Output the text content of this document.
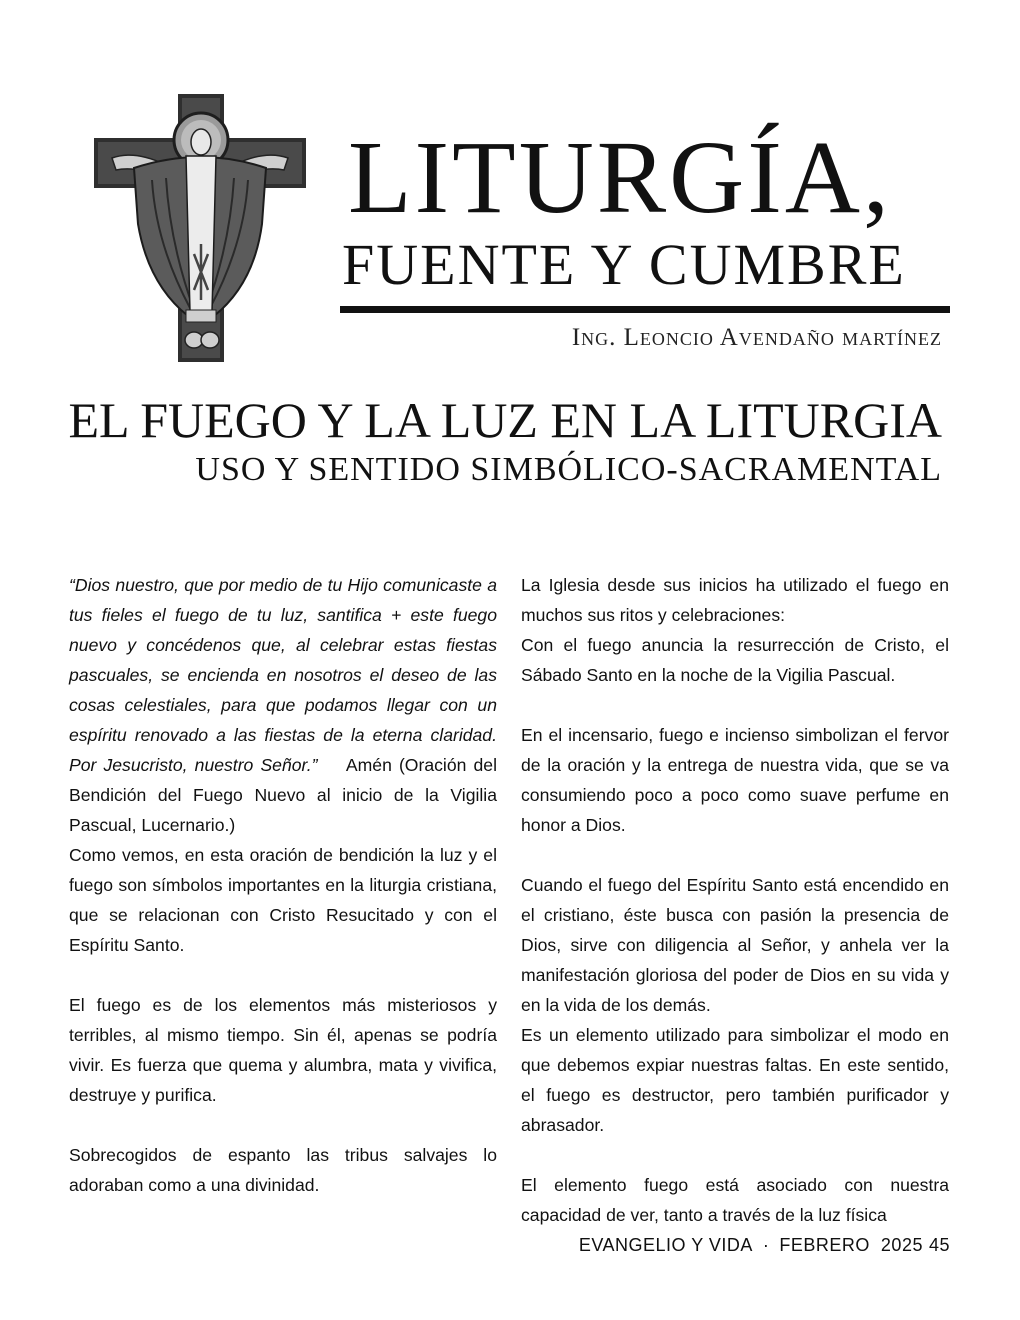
LITURGÍA,
FUENTE Y CUMBRE
Ing. Leoncio Avendaño martínez
EL FUEGO Y LA LUZ EN LA LITURGIA
USO Y SENTIDO SIMBÓLICO-SACRAMENTAL

“Dios nuestro, que por medio de tu Hijo comunicaste a tus fieles el fuego de tu luz, santifica + este fuego nuevo y concédenos que, al celebrar estas fiestas pascuales, se encienda en nosotros el deseo de las cosas celestiales, para que podamos llegar con un espíritu renovado a las fiestas de la eterna claridad. Por Jesucristo, nuestro Señor.” Amén (Oración del Bendición del Fuego Nuevo al inicio de la Vigilia Pascual, Lucernario.)

Como vemos, en esta oración de bendición la luz y el fuego son símbolos importantes en la liturgia cristiana, que se relacionan con Cristo Resucitado y con el Espíritu Santo.

El fuego es de los elementos más misteriosos y terribles, al mismo tiempo. Sin él, apenas se podría vivir. Es fuerza que quema y alumbra, mata y vivifica, destruye y purifica.

Sobrecogidos de espanto las tribus salvajes lo adoraban como a una divinidad.

La Iglesia desde sus inicios ha utilizado el fuego en muchos sus ritos y celebraciones:

Con el fuego anuncia la resurrección de Cristo, el Sábado Santo en la noche de la Vigilia Pascual.

En el incensario, fuego e incienso simbolizan el fervor de la oración y la entrega de nuestra vida, que se va consumiendo poco a poco como suave perfume en honor a Dios.

Cuando el fuego del Espíritu Santo está encendido en el cristiano, éste busca con pasión la presencia de Dios, sirve con diligencia al Señor, y anhela ver la manifestación gloriosa del poder de Dios en su vida y en la vida de los demás.

Es un elemento utilizado para simbolizar el modo en que debemos expiar nuestras faltas. En este sentido, el fuego es destructor, pero también purificador y abrasador.

El elemento fuego está asociado con nuestra capacidad de ver, tanto a través de la luz física

EVANGELIO Y VIDA · FEBRERO  2025 45
